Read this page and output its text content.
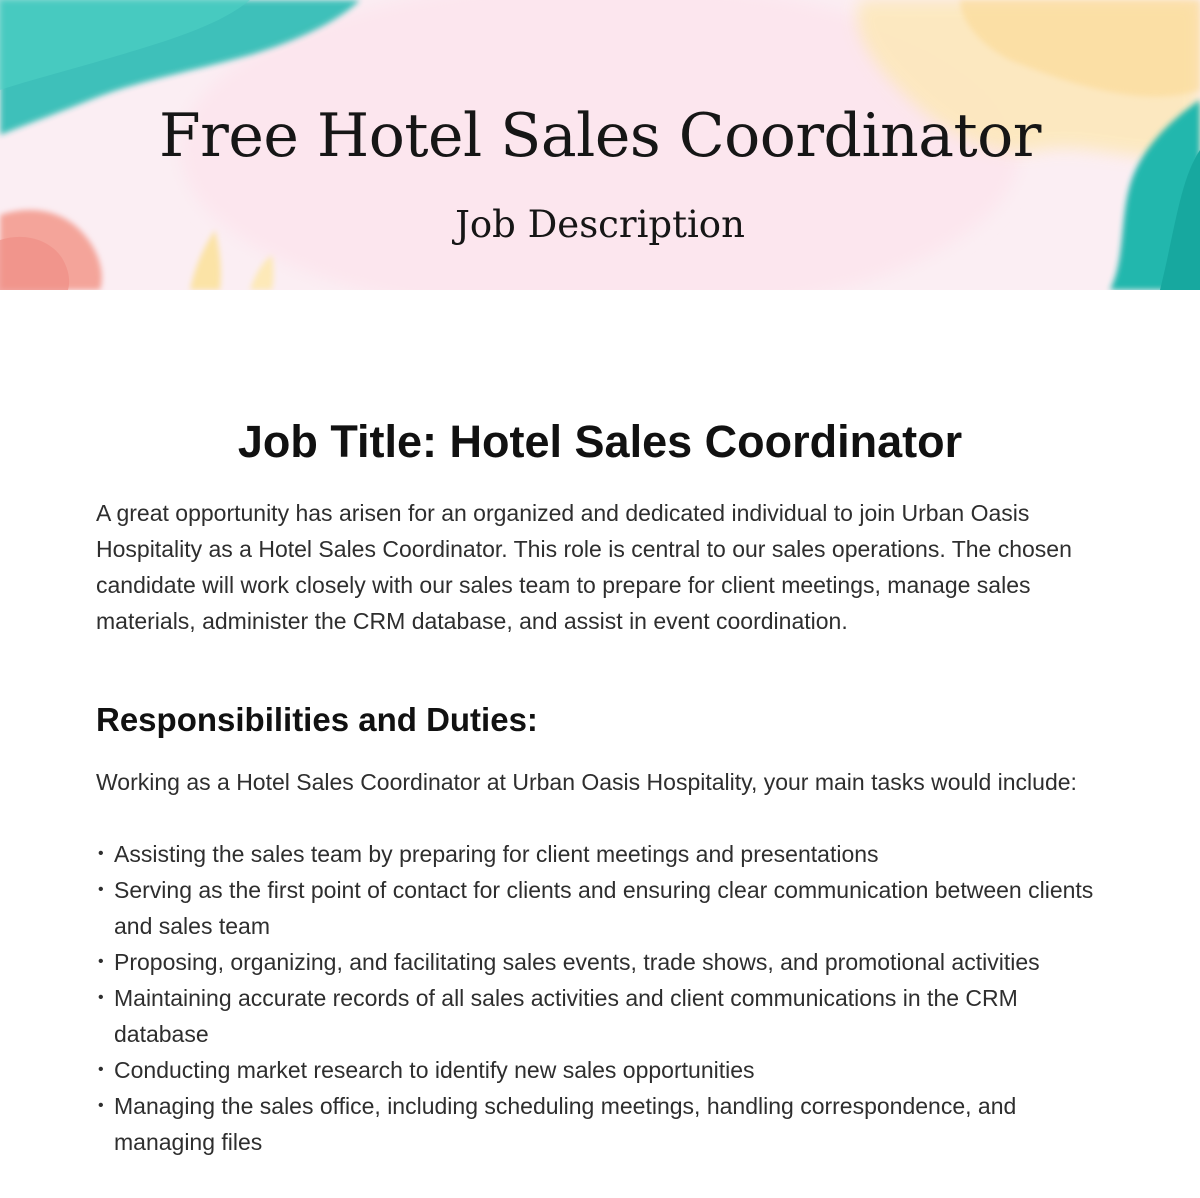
Free Hotel Sales Coordinator
Job Description
Job Title: Hotel Sales Coordinator

A great opportunity has arisen for an organized and dedicated individual to join Urban Oasis Hospitality as a Hotel Sales Coordinator. This role is central to our sales operations. The chosen candidate will work closely with our sales team to prepare for client meetings, manage sales materials, administer the CRM database, and assist in event coordination.

Responsibilities and Duties:

Working as a Hotel Sales Coordinator at Urban Oasis Hospitality, your main tasks would include:

• Assisting the sales team by preparing for client meetings and presentations
• Serving as the first point of contact for clients and ensuring clear communication between clients and sales team
• Proposing, organizing, and facilitating sales events, trade shows, and promotional activities
• Maintaining accurate records of all sales activities and client communications in the CRM database
• Conducting market research to identify new sales opportunities
• Managing the sales office, including scheduling meetings, handling correspondence, and managing files
